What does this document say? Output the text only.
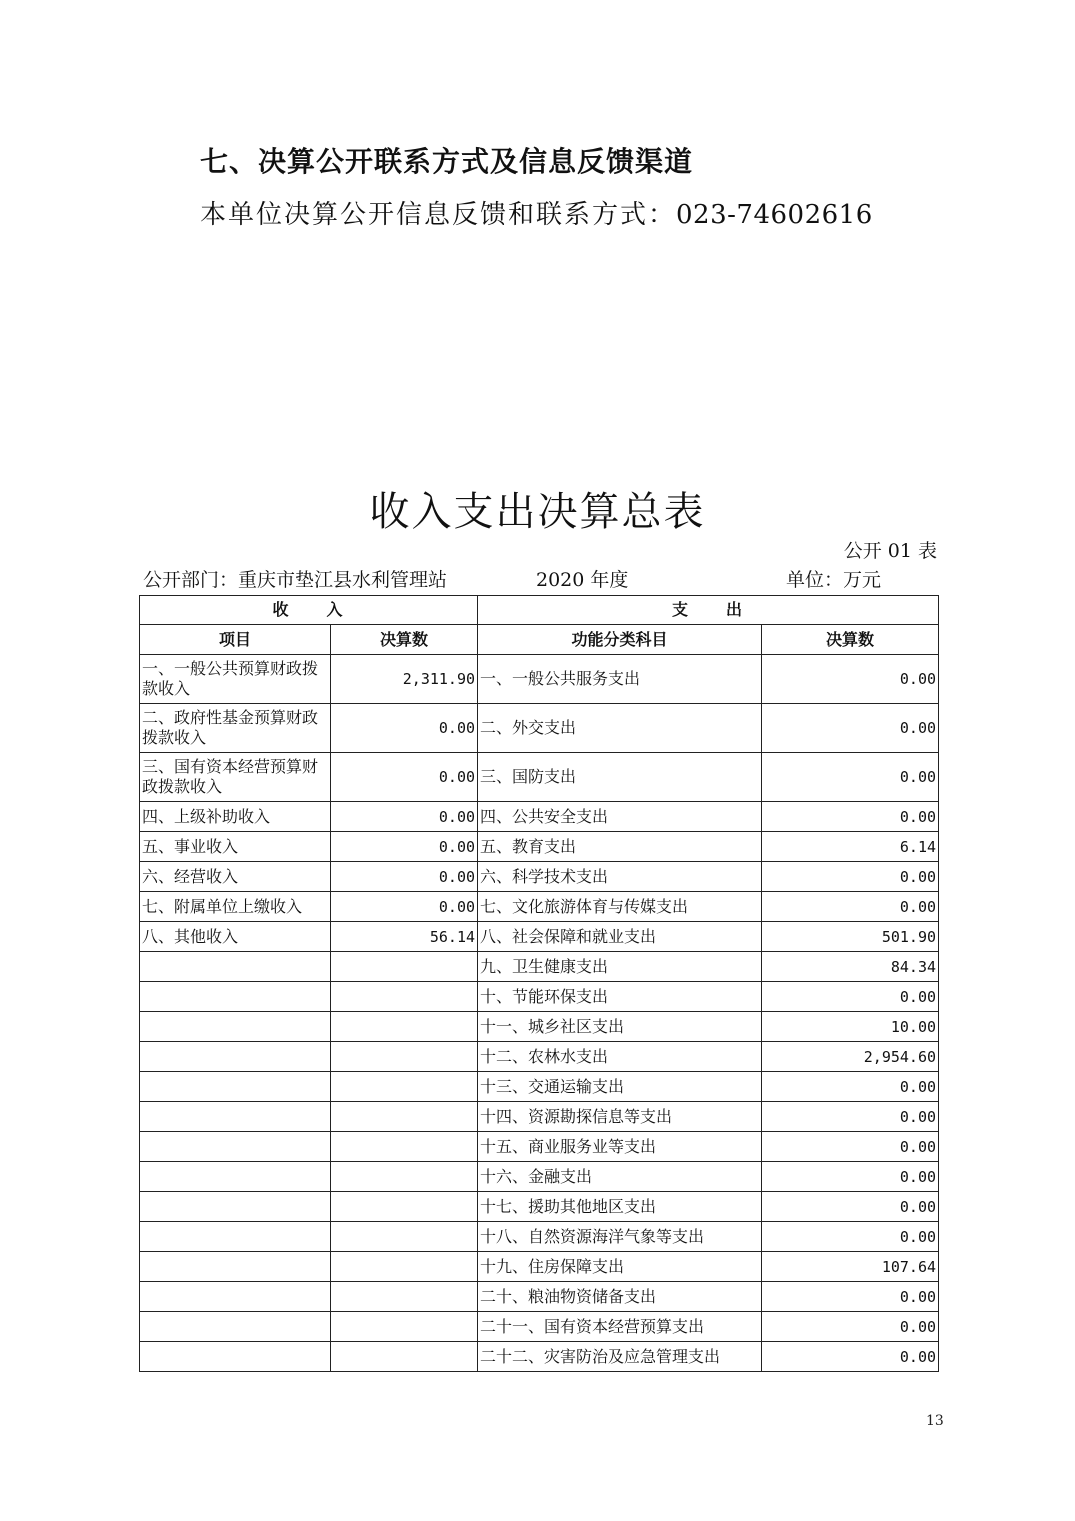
七、决算公开联系方式及信息反馈渠道
本单位决算公开信息反馈和联系方式：023-74602616
收入支出决算总表
公开 01 表
公开部门：重庆市垫江县水利管理站	2020 年度	单位：万元
收　　入		支　　出	
项目	决算数	功能分类科目	决算数
一、一般公共预算财政拨款收入	2,311.90	一、一般公共服务支出	0.00
二、政府性基金预算财政拨款收入	0.00	二、外交支出	0.00
三、国有资本经营预算财政拨款收入	0.00	三、国防支出	0.00
四、上级补助收入	0.00	四、公共安全支出	0.00
五、事业收入	0.00	五、教育支出	6.14
六、经营收入	0.00	六、科学技术支出	0.00
七、附属单位上缴收入	0.00	七、文化旅游体育与传媒支出	0.00
八、其他收入	56.14	八、社会保障和就业支出	501.90
		九、卫生健康支出	84.34
		十、节能环保支出	0.00
		十一、城乡社区支出	10.00
		十二、农林水支出	2,954.60
		十三、交通运输支出	0.00
		十四、资源勘探信息等支出	0.00
		十五、商业服务业等支出	0.00
		十六、金融支出	0.00
		十七、援助其他地区支出	0.00
		十八、自然资源海洋气象等支出	0.00
		十九、住房保障支出	107.64
		二十、粮油物资储备支出	0.00
		二十一、国有资本经营预算支出	0.00
		二十二、灾害防治及应急管理支出	0.00
13
